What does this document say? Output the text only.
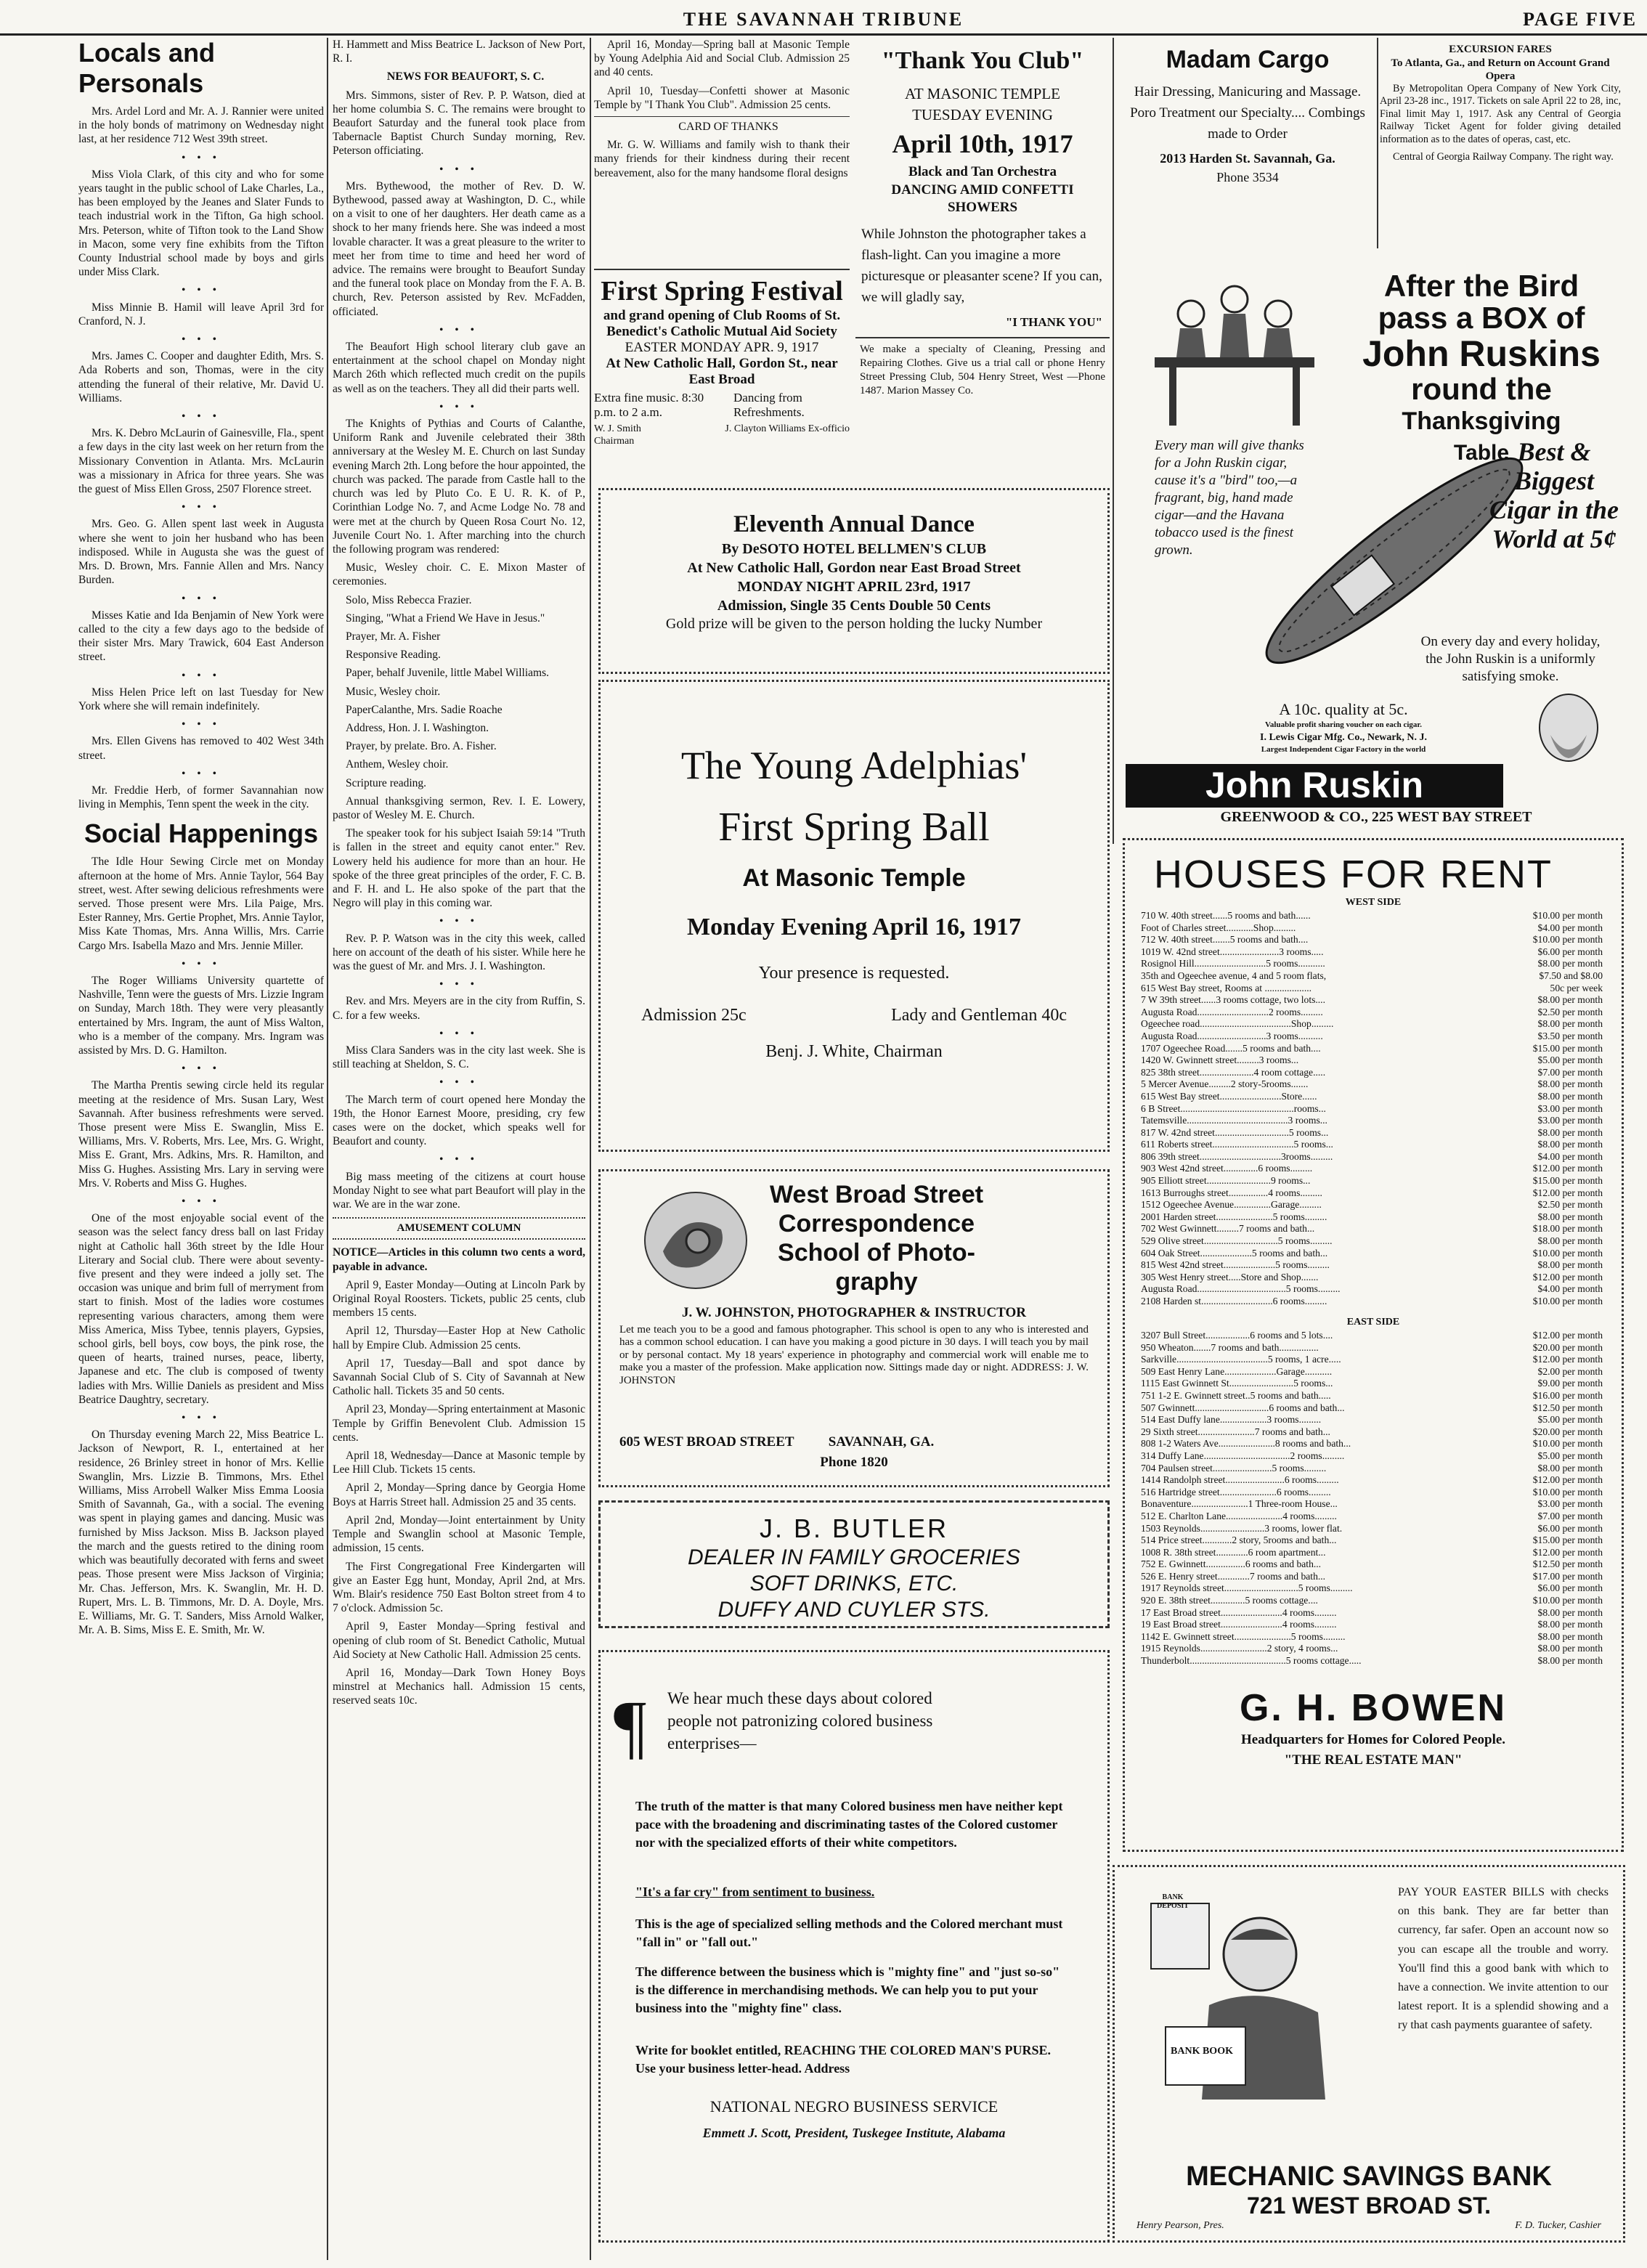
THE SAVANNAH TRIBUNE	PAGE FIVE
Locals and Personals

Mrs. Ardel Lord and Mr. A. J. Rannier were united in the holy bonds of matrimony on Wednesday night last, at her residence 712 West 39th street.

• • •

Miss Viola Clark, of this city and who for some years taught in the public school of Lake Charles, La., has been employed by the Jeanes and Slater Funds to teach industrial work in the Tifton, Ga high school. Mrs. Peterson, white of Tifton took to the Land Show in Macon, some very fine exhibits from the Tifton County Industrial school made by boys and girls under Miss Clark.

• • •

Miss Minnie B. Hamil will leave April 3rd for Cranford, N. J.

• • •

Mrs. James C. Cooper and daughter Edith, Mrs. S. Ada Roberts and son, Thomas, were in the city attending the funeral of their relative, Mr. David U. Williams.

• • •

Mrs. K. Debro McLaurin of Gainesville, Fla., spent a few days in the city last week on her return from the Missionary Convention in Atlanta. Mrs. McLaurin was a missionary in Africa for three years. She was the guest of Miss Ellen Gross, 2507 Florence street.

• • •

Mrs. Geo. G. Allen spent last week in Augusta where she went to join her husband who has been indisposed. While in Augusta she was the guest of Mrs. D. Brown, Mrs. Fannie Allen and Mrs. Nancy Burden.

• • •

Misses Katie and Ida Benjamin of New York were called to the city a few days ago to the bedside of their sister Mrs. Mary Trawick, 604 East Anderson street.

• • •

Miss Helen Price left on last Tuesday for New York where she will remain indefinitely.

• • •

Mrs. Ellen Givens has removed to 402 West 34th street.

• • •

Mr. Freddie Herb, of former Savannahian now living in Memphis, Tenn spent the week in the city.

Social Happenings

The Idle Hour Sewing Circle met on Monday afternoon at the home of Mrs. Annie Taylor, 564 Bay street, west. After sewing delicious refreshments were served. Those present were Mrs. Lila Paige, Mrs. Ester Ranney, Mrs. Gertie Prophet, Mrs. Annie Taylor, Miss Kate Thomas, Mrs. Anna Willis, Mrs. Carrie Cargo Mrs. Isabella Mazo and Mrs. Jennie Miller.

• • •

The Roger Williams University quartette of Nashville, Tenn were the guests of Mrs. Lizzie Ingram on Sunday, March 18th. They were very pleasantly entertained by Mrs. Ingram, the aunt of Miss Walton, who is a member of the company. Mrs. Ingram was assisted by Mrs. D. G. Hamilton.

• • •

The Martha Prentis sewing circle held its regular meeting at the residence of Mrs. Susan Lary, West Savannah. After business refreshments were served. Those present were Miss E. Swanglin, Miss E. Williams, Mrs. V. Roberts, Mrs. Lee, Mrs. G. Wright, Miss E. Grant, Mrs. Adkins, Mrs. R. Hamilton, and Miss G. Hughes. Assisting Mrs. Lary in serving were Mrs. V. Roberts and Miss G. Hughes.

• • •

One of the most enjoyable social event of the season was the select fancy dress ball on last Friday night at Catholic hall 36th street by the Idle Hour Literary and Social club. There were about seventy-five present and they were indeed a jolly set. The occasion was unique and brim full of merryment from start to finish. Most of the ladies wore costumes representing various characters, among them were Miss America, Miss Tybee, tennis players, Gypsies, school girls, bell boys, cow boys, the pink rose, the queen of hearts, trained nurses, peace, liberty, Japanese and etc. The club is composed of twenty ladies with Mrs. Willie Daniels as president and Miss Beatrice Daughtry, secretary.

• • •

On Thursday evening March 22, Miss Beatrice L. Jackson of Newport, R. I., entertained at her residence, 26 Brinley street in honor of Mrs. Kellie Swanglin, Mrs. Lizzie B. Timmons, Mrs. Ethel Williams, Miss Arrobell Walker Miss Emma Loosia Smith of Savannah, Ga., with a social. The evening was spent in playing games and dancing. Music was furnished by Miss Jackson. Miss B. Jackson played the march and the guests retired to the dining room which was beautifully decorated with ferns and sweet peas. Those present were Miss Jackson of Virginia; Mr. Chas. Jefferson, Mrs. K. Swanglin, Mr. H. D. Rupert, Mrs. L. B. Timmons, Mr. D. A. Doyle, Mrs. E. Williams, Mr. G. T. Sanders, Miss Arnold Walker, Mr. A. B. Sims, Miss E. E. Smith, Mr. W.

H. Hammett and Miss Beatrice L. Jackson of New Port, R. I.

NEWS FOR BEAUFORT, S. C.

Mrs. Simmons, sister of Rev. P. P. Watson, died at her home columbia S. C. The remains were brought to Beaufort Saturday and the funeral took place from Tabernacle Baptist Church Sunday morning, Rev. Peterson officiating.

• • •

Mrs. Bythewood, the mother of Rev. D. W. Bythewood, passed away at Washington, D. C., while on a visit to one of her daughters. Her death came as a shock to her many friends here. She was indeed a most lovable character. It was a great pleasure to the writer to meet her from time to time and heed her word of advice. The remains were brought to Beaufort Sunday and the funeral took place on Monday from the F. A. B. church, Rev. Peterson assisted by Rev. McFadden, officiated.

• • •

The Beaufort High school literary club gave an entertainment at the school chapel on Monday night March 26th which reflected much credit on the pupils as well as on the teachers. They all did their parts well.

• • •

The Knights of Pythias and Courts of Calanthe, Uniform Rank and Juvenile celebrated their 38th anniversary at the Wesley M. E. Church on last Sunday evening March 2th. Long before the hour appointed, the church was packed. The parade from Castle hall to the church was led by Pluto Co. E U. R. K. of P., Corinthian Lodge No. 7, and Acme Lodge No. 78 and were met at the church by Queen Rosa Court No. 12, Juvenile Court No. 1. After marching into the church the following program was rendered:

Music, Wesley choir. C. E. Mixon Master of ceremonies.

Solo, Miss Rebecca Frazier.

Singing, "What a Friend We Have in Jesus."

Prayer, Mr. A. Fisher

Responsive Reading.

Paper, behalf Juvenile, little Mabel Williams.

Music, Wesley choir.

PaperCalanthe, Mrs. Sadie Roache

Address, Hon. J. I. Washington.

Prayer, by prelate. Bro. A. Fisher.

Anthem, Wesley choir.

Scripture reading.

Annual thanksgiving sermon, Rev. I. E. Lowery, pastor of Wesley M. E. Church.

The speaker took for his subject Isaiah 59:14 "Truth is fallen in the street and equity canot enter." Rev. Lowery held his audience for more than an hour. He spoke of the three great principles of the order, F. C. B. and F. H. and L. He also spoke of the part that the Negro will play in this coming war.

• • •

Rev. P. P. Watson was in the city this week, called here on account of the death of his sister. While here he was the guest of Mr. and Mrs. J. I. Washington.

• • •

Rev. and Mrs. Meyers are in the city from Ruffin, S. C. for a few weeks.

• • •

Miss Clara Sanders was in the city last week. She is still teaching at Sheldon, S. C.

• • •

The March term of court opened here Monday the 19th, the Honor Earnest Moore, presiding, cry few cases were on the docket, which speaks well for Beaufort and county.

• • •

Big mass meeting of the citizens at court house Monday Night to see what part Beaufort will play in the war. We are in the war zone.

AMUSEMENT COLUMN

NOTICE—Articles in this column two cents a word, payable in advance.

April 9, Easter Monday—Outing at Lincoln Park by Original Royal Roosters. Tickets, public 25 cents, club members 15 cents.

April 12, Thursday—Easter Hop at New Catholic hall by Empire Club. Admission 25 cents.

April 17, Tuesday—Ball and spot dance by Savannah Social Club of S. City of Savannah at New Catholic hall. Tickets 35 and 50 cents.

April 23, Monday—Spring entertainment at Masonic Temple by Griffin Benevolent Club. Admission 15 cents.

April 18, Wednesday—Dance at Masonic temple by Lee Hill Club. Tickets 15 cents.

April 2, Monday—Spring dance by Georgia Home Boys at Harris Street hall. Admission 25 and 35 cents.

April 2nd, Monday—Joint entertainment by Unity Temple and Swanglin school at Masonic Temple, admission, 15 cents.

The First Congregational Free Kindergarten will give an Easter Egg hunt, Monday, April 2nd, at Mrs. Wm. Blair's residence 750 East Bolton street from 4 to 7 o'clock. Admission 5c.

April 9, Easter Monday—Spring festival and opening of club room of St. Benedict Catholic, Mutual Aid Society at New Catholic Hall. Admission 25 cents.

April 16, Monday—Dark Town Honey Boys minstrel at Mechanics hall. Admission 15 cents, reserved seats 10c.

April 16, Monday—Spring ball at Masonic Temple by Young Adelphia Aid and Social Club. Admission 25 and 40 cents.

April 10, Tuesday—Confetti shower at Masonic Temple by "I Thank You Club". Admission 25 cents.

CARD OF THANKS

Mr. G. W. Williams and family wish to thank their many friends for their kindness during their recent bereavement, also for the many handsome floral designs

First Spring Festival
and grand opening of Club Rooms of St. Benedict's Catholic Mutual Aid Society
EASTER MONDAY APR. 9, 1917
At New Catholic Hall, Gordon St., near East Broad
Extra fine music. 8:30 p.m. to 2 a.m.
Dancing from Refreshments.
W. J. Smith Chairman
J. Clayton Williams Ex-officio
"Thank You Club"
AT MASONIC TEMPLE
TUESDAY EVENING
April 10th, 1917
Black and Tan Orchestra
DANCING AMID CONFETTI SHOWERS
While Johnston the photographer takes a flash-light. Can you imagine a more picturesque or pleasanter scene? If you can, we will gladly say,
"I THANK YOU"
We make a specialty of Cleaning, Pressing and Repairing Clothes. Give us a trial call or phone Henry Street Pressing Club, 504 Henry Street, West —Phone 1487. Marion Massey Co.
Eleventh Annual Dance
By DeSOTO HOTEL BELLMEN'S CLUB
At New Catholic Hall, Gordon near East Broad Street
MONDAY NIGHT APRIL 23rd, 1917
Admission, Single 35 Cents Double 50 Cents
Gold prize will be given to the person holding the lucky Number
The Young Adelphias'
First Spring Ball
At Masonic Temple
Monday Evening April 16, 1917
Your presence is requested.
Admission 25c	Lady and Gentleman 40c
Benj. J. White, Chairman
West Broad Street
Correspondence
School of Photo-
graphy
J. W. JOHNSTON, PHOTOGRAPHER & INSTRUCTOR
Let me teach you to be a good and famous photographer. This school is open to any who is interested and has a common school education. I can have you making a good picture in 30 days. I will teach you by mail or by personal contact. My 18 years' experience in photography and commercial work will enable me to make you a master of the profession. Make application now. Sittings made day or night. ADDRESS: J. W. JOHNSTON
605 WEST BROAD STREET          SAVANNAH, GA.
Phone 1820
J. B. BUTLER
DEALER IN FAMILY GROCERIES
SOFT DRINKS, ETC.
DUFFY AND CUYLER STS.
¶ We hear much these days about colored people not patronizing colored business enterprises—
The truth of the matter is that many Colored business men have neither kept pace with the broadening and discriminating tastes of the Colored customer nor with the specialized efforts of their white competitors.
"It's a far cry" from sentiment to business.
This is the age of specialized selling methods and the Colored merchant must "fall in" or "fall out."
The difference between the business which is "mighty fine" and "just so-so" is the difference in merchandising methods. We can help you to put your business into the "mighty fine" class.
Write for booklet entitled, REACHING THE COLORED MAN'S PURSE. Use your business letter-head. Address
NATIONAL NEGRO BUSINESS SERVICE
Emmett J. Scott, President, Tuskegee Institute, Alabama
Madam Cargo
Hair Dressing, Manicuring and Massage. Poro Treatment our Specialty.... Combings made to Order
2013 Harden St. Savannah, Ga.
Phone 3534
EXCURSION FARES
To Atlanta, Ga., and Return on Account Grand Opera

By Metropolitan Opera Company of New York City, April 23-28 inc., 1917. Tickets on sale April 22 to 28, inc, Final limit May 1, 1917. Ask any Central of Georgia Railway Ticket Agent for folder giving detailed information as to the dates of operas, cast, etc.

Central of Georgia Railway Company. The right way.

After the Bird
pass a BOX of
John Ruskins
round the
Thanksgiving
Table
Every man will give thanks for a John Ruskin cigar, cause it's a "bird" too,—a fragrant, big, hand made cigar—and the Havana tobacco used is the finest grown.
Best & Biggest Cigar in the World at 5¢
On every day and every holiday, the John Ruskin is a uniformly satisfying smoke.
A 10c. quality at 5c.
Valuable profit sharing voucher on each cigar.
I. Lewis Cigar Mfg. Co., Newark, N. J.
Largest Independent Cigar Factory in the world
John Ruskin
GREENWOOD & CO., 225 WEST BAY STREET
HOUSES FOR RENT
WEST SIDE
710 W. 40th street......5 rooms and bath......	$10.00 per month
Foot of Charles street...........Shop.........	$4.00 per month
712 W. 40th street.......5 rooms and bath....	$10.00 per month
1019 W. 42nd street........................3 rooms.....	$6.00 per month
Rosignol Hill.............................5 rooms...........	$8.00 per month
35th and Ogeechee avenue, 4 and 5 room flats,	$7.50 and $8.00
615 West Bay street, Rooms at ...................	50c per week
7 W 39th street......3 rooms cottage, two lots....	$8.00 per month
Augusta Road.............................2 rooms.........	$2.50 per month
Ogeechee road.....................................Shop.........	$8.00 per month
Augusta Road............................3 rooms..........	$3.50 per month
1707 Ogeechee Road.......5 rooms and bath....	$15.00 per month
1420 W. Gwinnett street.........3 rooms...	$5.00 per month
825 38th street......................4 room cottage.....	$7.00 per month
5 Mercer Avenue.........2 story-5rooms.......	$8.00 per month
615 West Bay street.........................Store......	$8.00 per month
6 B Street..............................................rooms...	$3.00 per month
Tatemsville.........................................3 rooms...	$3.00 per month
817 W. 42nd street..............................5 rooms...	$8.00 per month
611 Roberts street.................................5 rooms...	$8.00 per month
806 39th street.................................3rooms.........	$4.00 per month
903 West 42nd street..............6 rooms.........	$12.00 per month
905 Elliott street..........................9 rooms...	$15.00 per month
1613 Burroughs street................4 rooms.........	$12.00 per month
1512 Ogeechee Avenue...............Garage.........	$2.50 per month
2001 Harden street.......................5 rooms.........	$8.00 per month
702 West Gwinnett.........7 rooms and bath...	$18.00 per month
529 Olive street..............................5 rooms.........	$8.00 per month
604 Oak Street.....................5 rooms and bath...	$10.00 per month
815 West 42nd street.....................5 rooms.........	$8.00 per month
305 West Henry street.....Store and Shop.......	$12.00 per month
Augusta Road....................................5 rooms.........	$4.00 per month
2108 Harden st.............................6 rooms.........	$10.00 per month
EAST SIDE
3207 Bull Street..................6 rooms and 5 lots....	$12.00 per month
950 Wheaton.......7 rooms and bath................	$20.00 per month
Sarkville.....................................5 rooms, 1 acre.....	$12.00 per month
509 East Henry Lane.....................Garage...........	$2.00 per month
1115 East Gwinnett St..........................5 rooms...	$9.00 per month
751 1-2 E. Gwinnett street..5 rooms and bath.....	$16.00 per month
507 Gwinnett..............................6 rooms and bath...	$12.50 per month
514 East Duffy lane...................3 rooms.........	$5.00 per month
29 Sixth street.......................7 rooms and bath...	$20.00 per month
808 1-2 Waters Ave.......................8 rooms and bath...	$10.00 per month
314 Duffy Lane...................................2 rooms.........	$5.00 per month
704 Paulsen street........................5 rooms.........	$8.00 per month
1414 Randolph street........................6 rooms.........	$12.00 per month
516 Hartridge street.......................6 rooms.........	$10.00 per month
Bonaventure.......................1 Three-room House...	$3.00 per month
512 E. Charlton Lane.......................4 rooms.........	$7.00 per month
1503 Reynolds..........................3 rooms, lower flat.	$6.00 per month
514 Price street............2 story, 5rooms and bath...	$15.00 per month
1008 R. 38th street.............6 room apartment...	$12.00 per month
752 E. Gwinnett................6 rooms and bath...	$12.50 per month
526 E. Henry street.............7 rooms and bath...	$17.00 per month
1917 Reynolds street..............................5 rooms.........	$6.00 per month
920 E. 38th street..............5 rooms cottage....	$10.00 per month
17 East Broad street.........................4 rooms.........	$8.00 per month
19 East Broad street.........................4 rooms.........	$8.00 per month
1142 E. Gwinnett street.......................5 rooms.........	$8.00 per month
1915 Reynolds...........................2 story, 4 rooms...	$8.00 per month
Thunderbolt.......................................5 rooms cottage.....	$8.00 per month
G. H. BOWEN
Headquarters for Homes for Colored People.
"THE REAL ESTATE MAN"
BANK DEPOSIT
BANK BOOK
PAY YOUR EASTER BILLS with checks on this bank. They are far better than currency, far safer. Open an account now so you can escape all the trouble and worry. You'll find this a good bank with which to have a connection. We invite attention to our latest report. It is a splendid showing and a ry that cash payments guarantee of safety.
MECHANIC SAVINGS BANK
721 WEST BROAD ST.
Henry Pearson, Pres.	F. D. Tucker, Cashier
